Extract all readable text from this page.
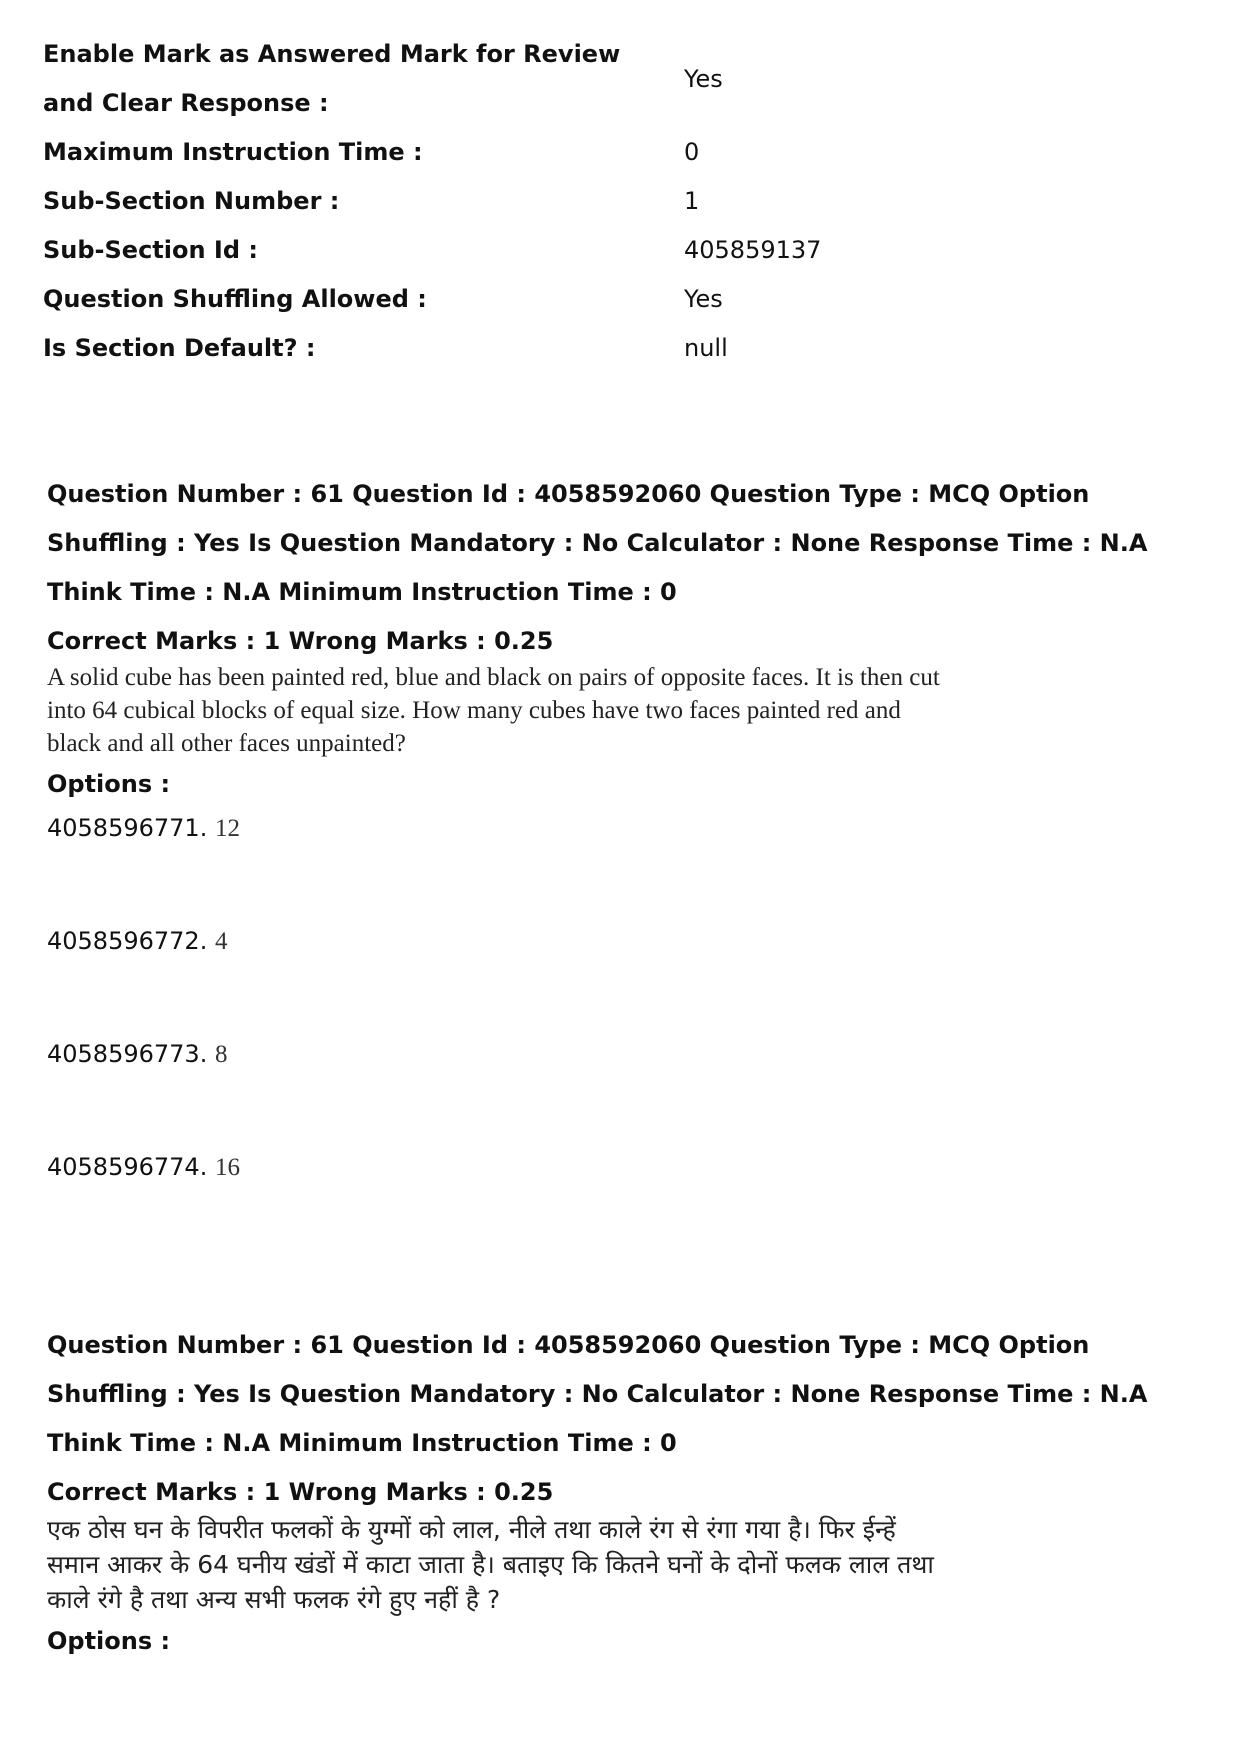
Enable Mark as Answered Mark for Review and Clear Response :
Yes
Maximum Instruction Time :	0
Sub-Section Number :	1
Sub-Section Id :	405859137
Question Shuffling Allowed :	Yes
Is Section Default? :	null
Question Number : 61 Question Id : 4058592060 Question Type : MCQ Option Shuffling : Yes Is Question Mandatory : No Calculator : None Response Time : N.A Think Time : N.A Minimum Instruction Time : 0
Correct Marks : 1 Wrong Marks : 0.25
A solid cube has been painted red, blue and black on pairs of opposite faces. It is then cut into 64 cubical blocks of equal size. How many cubes have two faces painted red and black and all other faces unpainted?
Options :
4058596771. 12
4058596772. 4
4058596773. 8
4058596774. 16
Question Number : 61 Question Id : 4058592060 Question Type : MCQ Option Shuffling : Yes Is Question Mandatory : No Calculator : None Response Time : N.A Think Time : N.A Minimum Instruction Time : 0
Correct Marks : 1 Wrong Marks : 0.25
एक ठोस घन के विपरीत फलकों के युग्मों को लाल, नीले तथा काले रंग से रंगा गया है। फिर ईन्हें समान आकर के 64 घनीय खंडों में काटा जाता है। बताइए कि कितने घनों के दोनों फलक लाल तथा काले रंगे है तथा अन्य सभी फलक रंगे हुए नहीं है ?
Options :
